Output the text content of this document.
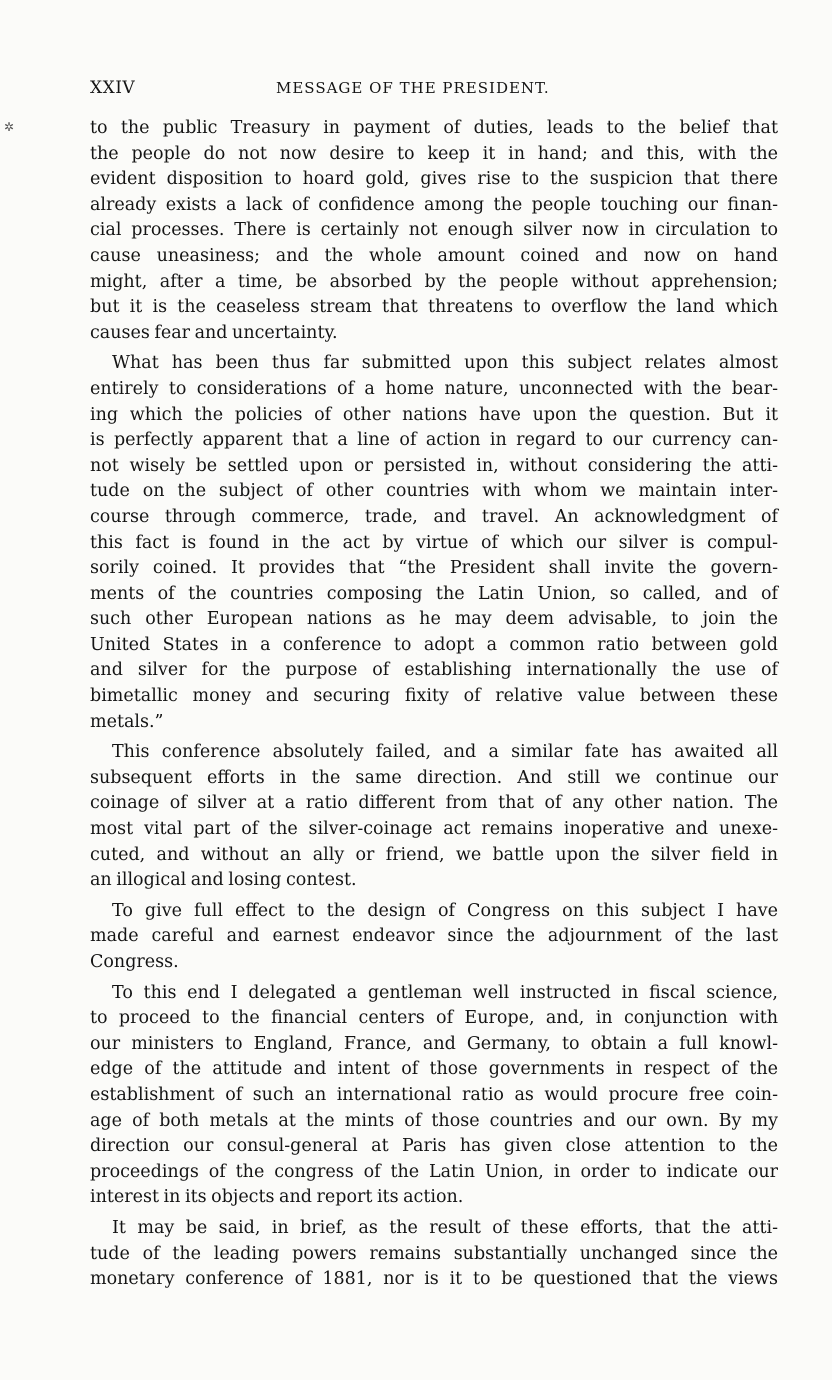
✲
XXIV	MESSAGE OF THE PRESIDENT.
to the public Treasury in payment of duties, leads to the belief that
the people do not now desire to keep it in hand; and this, with the
evident disposition to hoard gold, gives rise to the suspicion that there
already exists a lack of confidence among the people touching our finan-
cial processes. There is certainly not enough silver now in circulation to
cause uneasiness; and the whole amount coined and now on hand
might, after a time, be absorbed by the people without apprehension;
but it is the ceaseless stream that threatens to overflow the land which
causes fear and uncertainty.
What has been thus far submitted upon this subject relates almost
entirely to considerations of a home nature, unconnected with the bear-
ing which the policies of other nations have upon the question. But it
is perfectly apparent that a line of action in regard to our currency can-
not wisely be settled upon or persisted in, without considering the atti-
tude on the subject of other countries with whom we maintain inter-
course through commerce, trade, and travel. An acknowledgment of
this fact is found in the act by virtue of which our silver is compul-
sorily coined. It provides that “the President shall invite the govern-
ments of the countries composing the Latin Union, so called, and of
such other European nations as he may deem advisable, to join the
United States in a conference to adopt a common ratio between gold
and silver for the purpose of establishing internationally the use of
bimetallic money and securing fixity of relative value between these
metals.”
This conference absolutely failed, and a similar fate has awaited all
subsequent efforts in the same direction. And still we continue our
coinage of silver at a ratio different from that of any other nation. The
most vital part of the silver-coinage act remains inoperative and unexe-
cuted, and without an ally or friend, we battle upon the silver field in
an illogical and losing contest.
To give full effect to the design of Congress on this subject I have
made careful and earnest endeavor since the adjournment of the last
Congress.
To this end I delegated a gentleman well instructed in fiscal science,
to proceed to the financial centers of Europe, and, in conjunction with
our ministers to England, France, and Germany, to obtain a full knowl-
edge of the attitude and intent of those governments in respect of the
establishment of such an international ratio as would procure free coin-
age of both metals at the mints of those countries and our own. By my
direction our consul-general at Paris has given close attention to the
proceedings of the congress of the Latin Union, in order to indicate our
interest in its objects and report its action.
It may be said, in brief, as the result of these efforts, that the atti-
tude of the leading powers remains substantially unchanged since the
monetary conference of 1881, nor is it to be questioned that the views
